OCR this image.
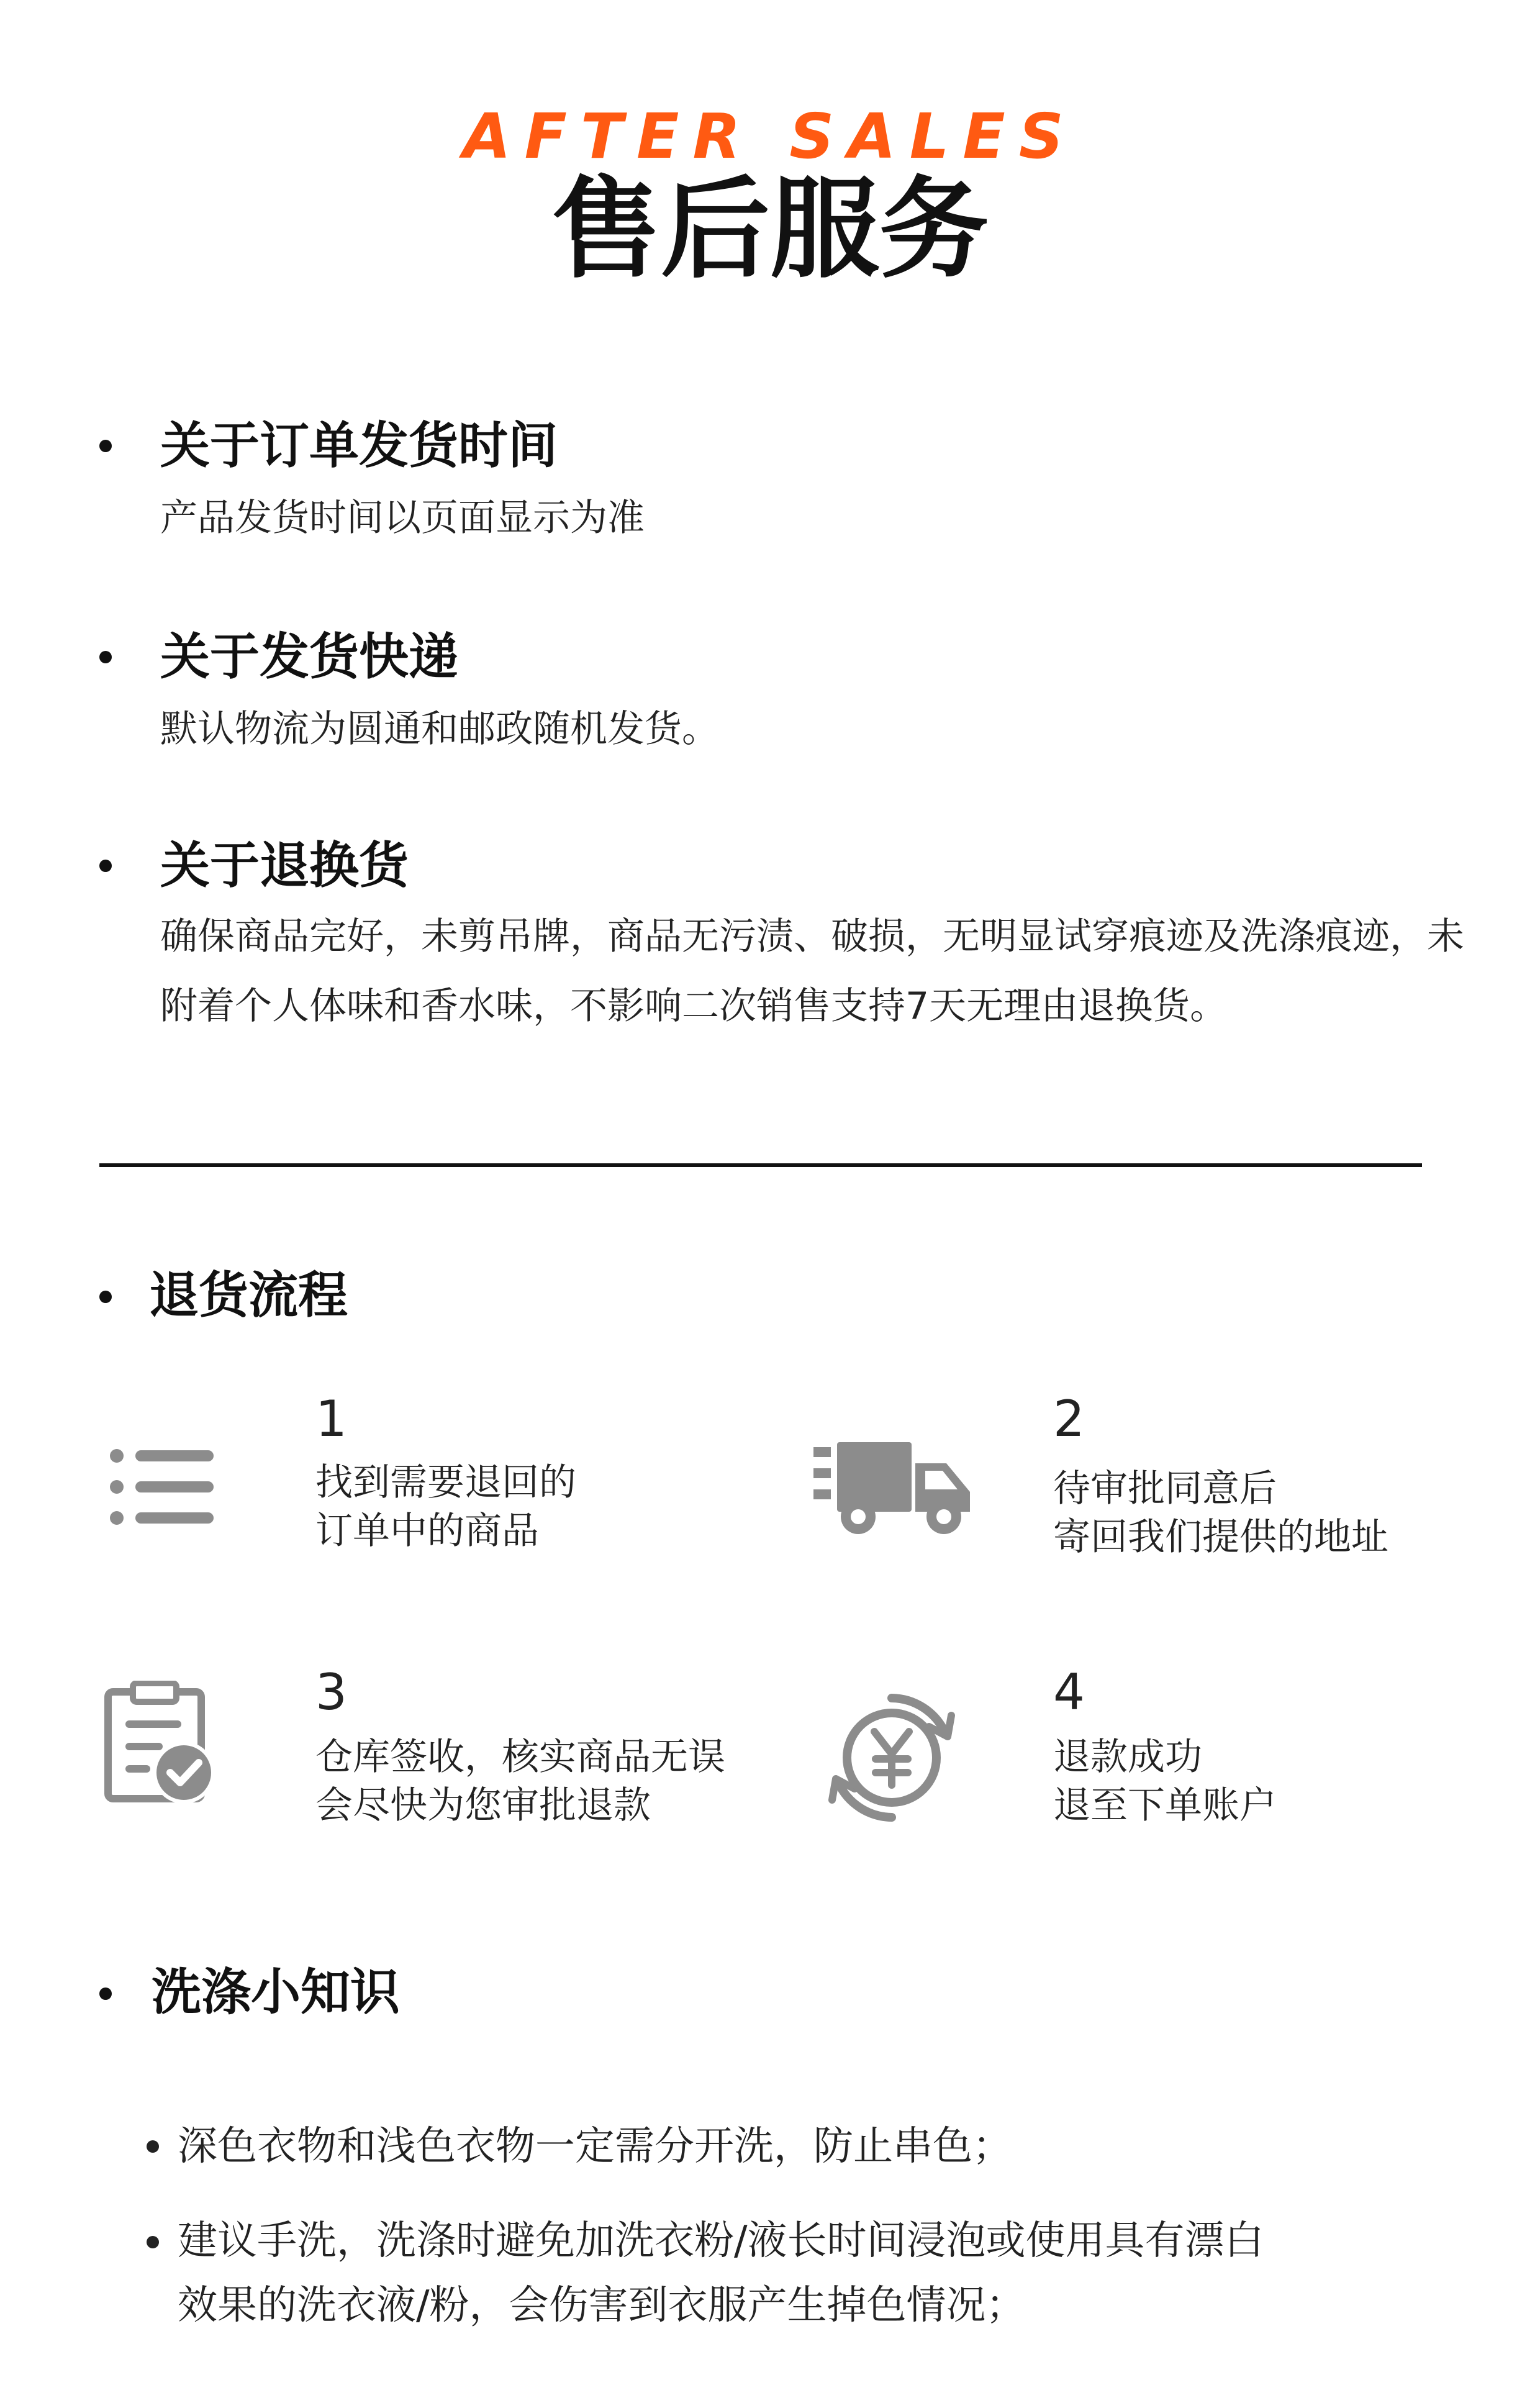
AFTER SALES
售后服务
关于订单发货时间
产品发货时间以页面显示为准
关于发货快递
默认物流为圆通和邮政随机发货。
关于退换货
确保商品完好，未剪吊牌，商品无污渍、破损，无明显试穿痕迹及洗涤痕迹，未附着个人体味和香水味，不影响二次销售支持7天无理由退换货。
退货流程
1
找到需要退回的
订单中的商品
2
待审批同意后
寄回我们提供的地址
3
仓库签收，核实商品无误
会尽快为您审批退款
4
退款成功
退至下单账户
洗涤小知识
深色衣物和浅色衣物一定需分开洗，防止串色；
建议手洗，洗涤时避免加洗衣粉/液长时间浸泡或使用具有漂白效果的洗衣液/粉，会伤害到衣服产生掉色情况；
